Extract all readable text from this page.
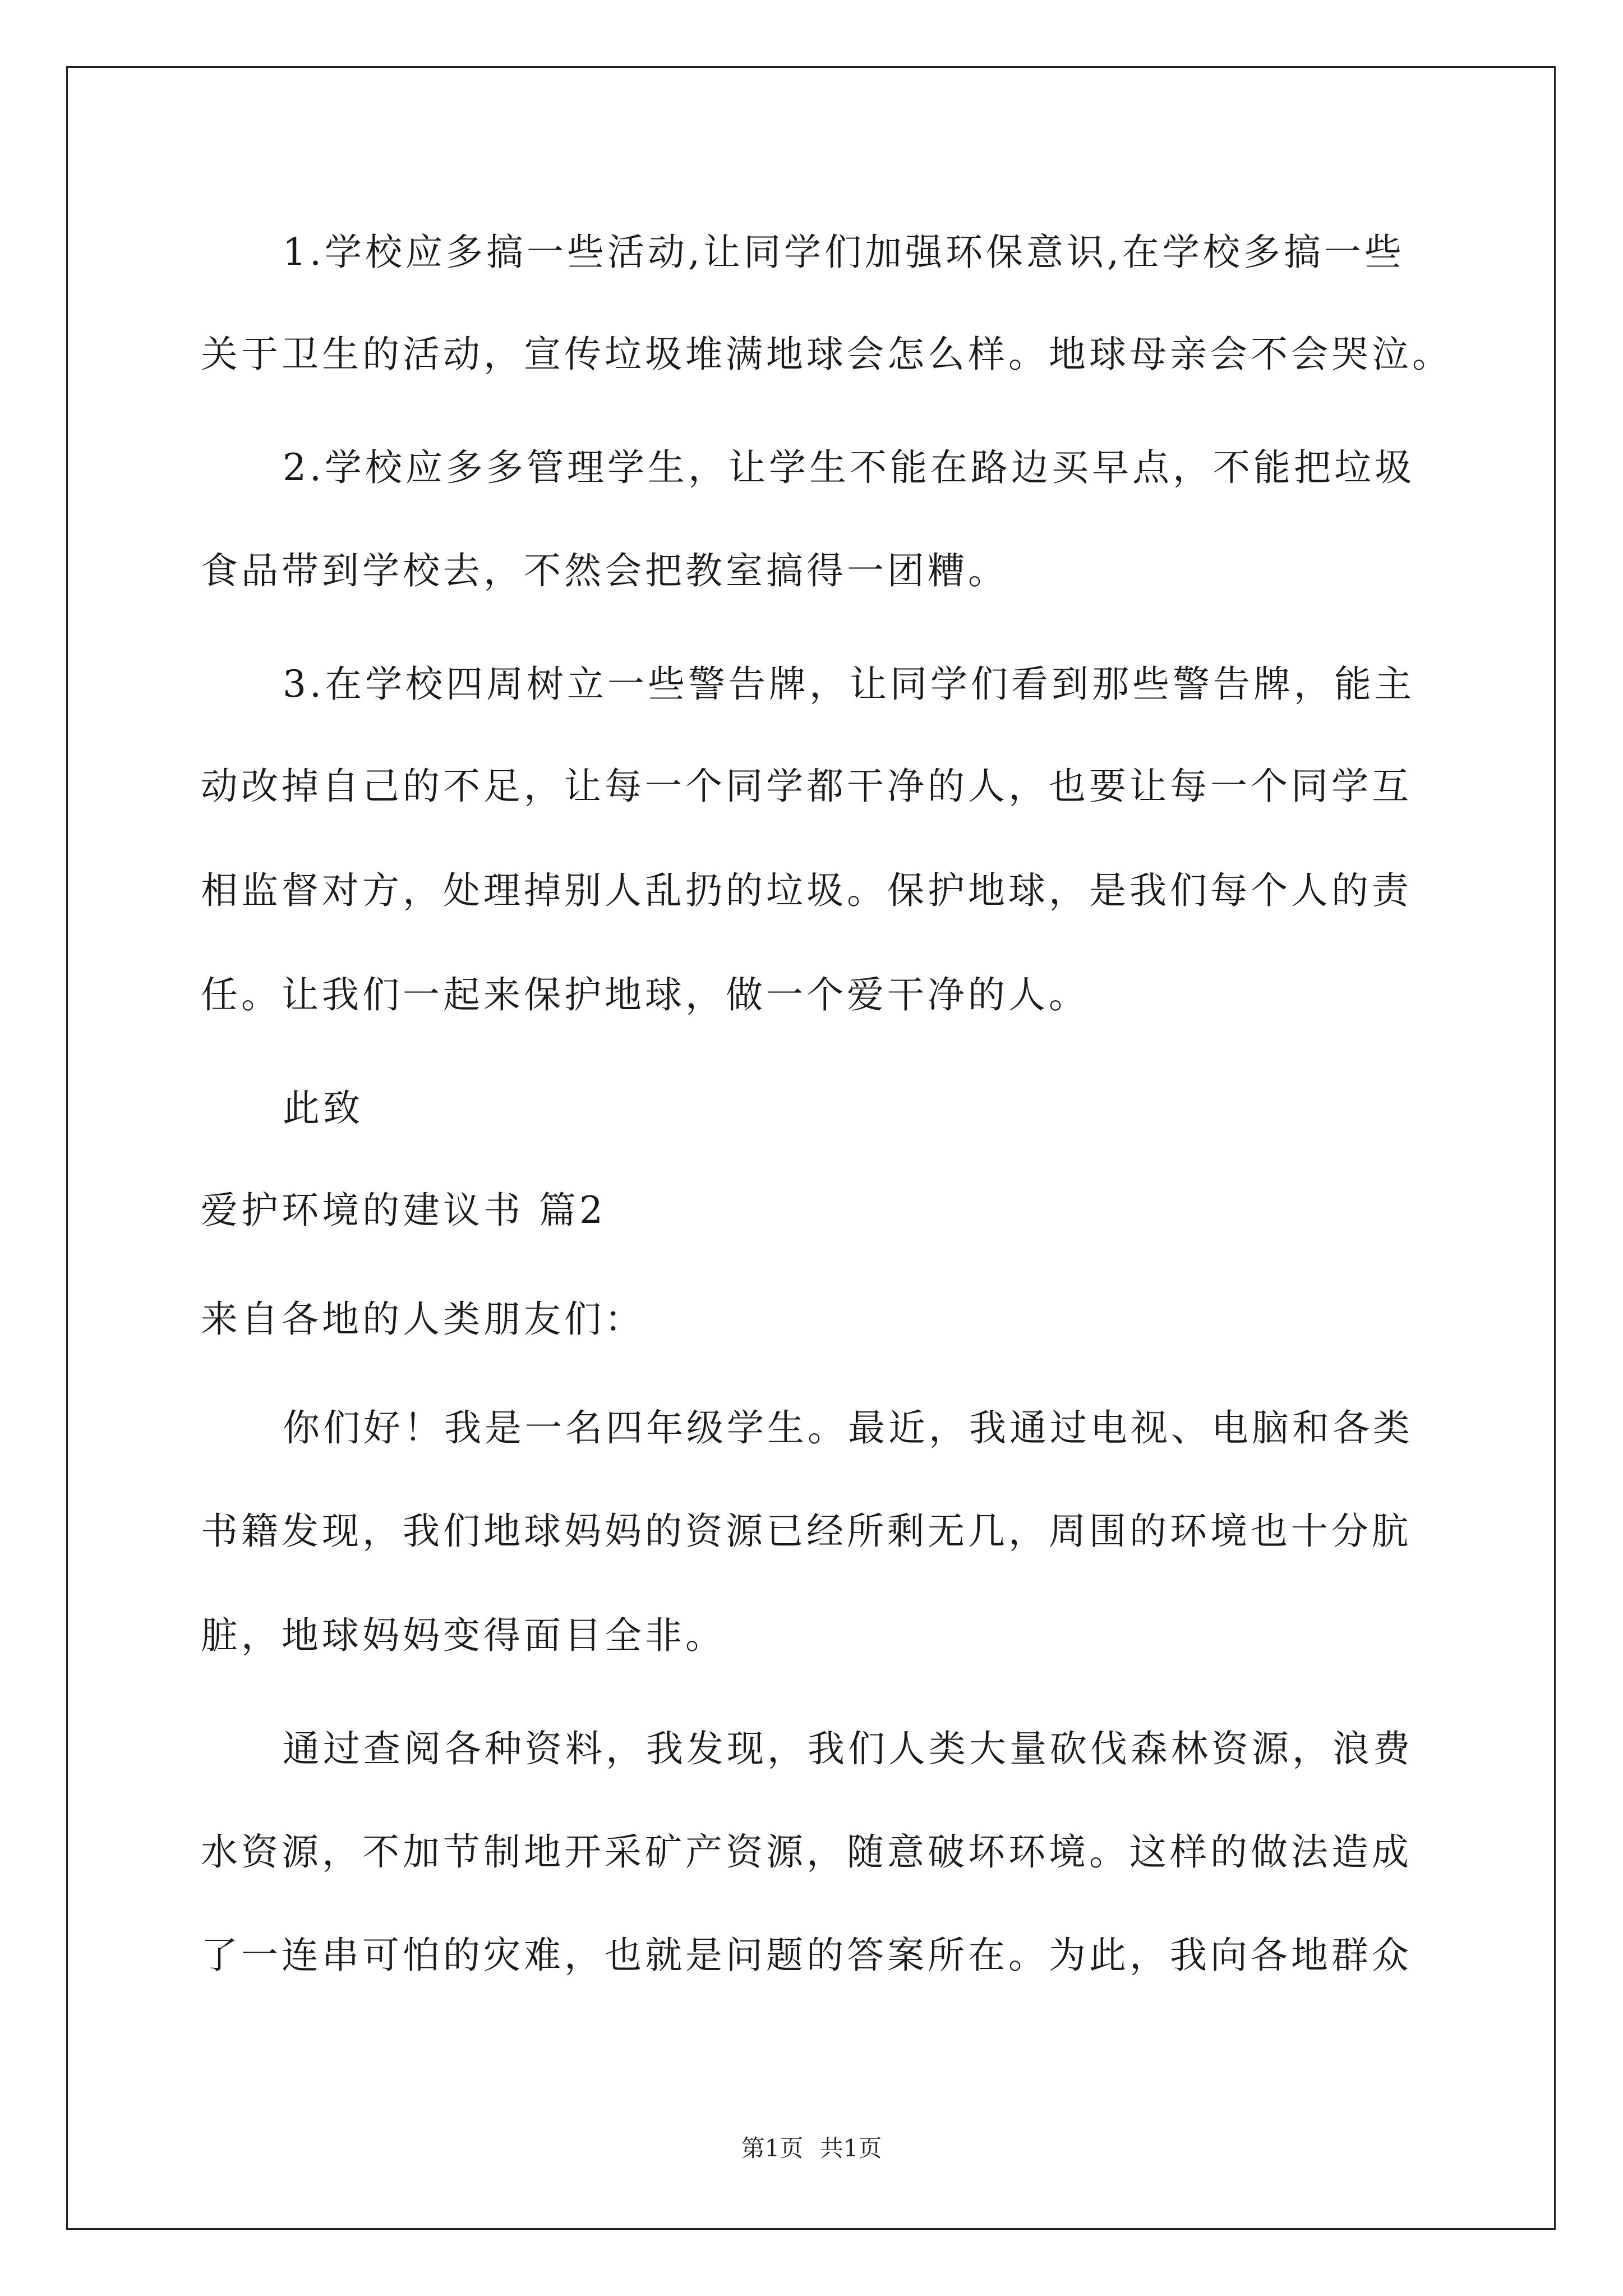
1.学校应多搞一些活动,让同学们加强环保意识,在学校多搞一些
关于卫生的活动，宣传垃圾堆满地球会怎么样。地球母亲会不会哭泣。
2.学校应多多管理学生，让学生不能在路边买早点，不能把垃圾
食品带到学校去，不然会把教室搞得一团糟。
3.在学校四周树立一些警告牌，让同学们看到那些警告牌，能主
动改掉自己的不足，让每一个同学都干净的人，也要让每一个同学互
相监督对方，处理掉别人乱扔的垃圾。保护地球，是我们每个人的责
任。让我们一起来保护地球，做一个爱干净的人。
此致
爱护环境的建议书 篇2
来自各地的人类朋友们：
你们好！我是一名四年级学生。最近，我通过电视、电脑和各类
书籍发现，我们地球妈妈的资源已经所剩无几，周围的环境也十分肮
脏，地球妈妈变得面目全非。
通过查阅各种资料，我发现，我们人类大量砍伐森林资源，浪费
水资源，不加节制地开采矿产资源，随意破坏环境。这样的做法造成
了一连串可怕的灾难，也就是问题的答案所在。为此，我向各地群众
第1页 共1页
